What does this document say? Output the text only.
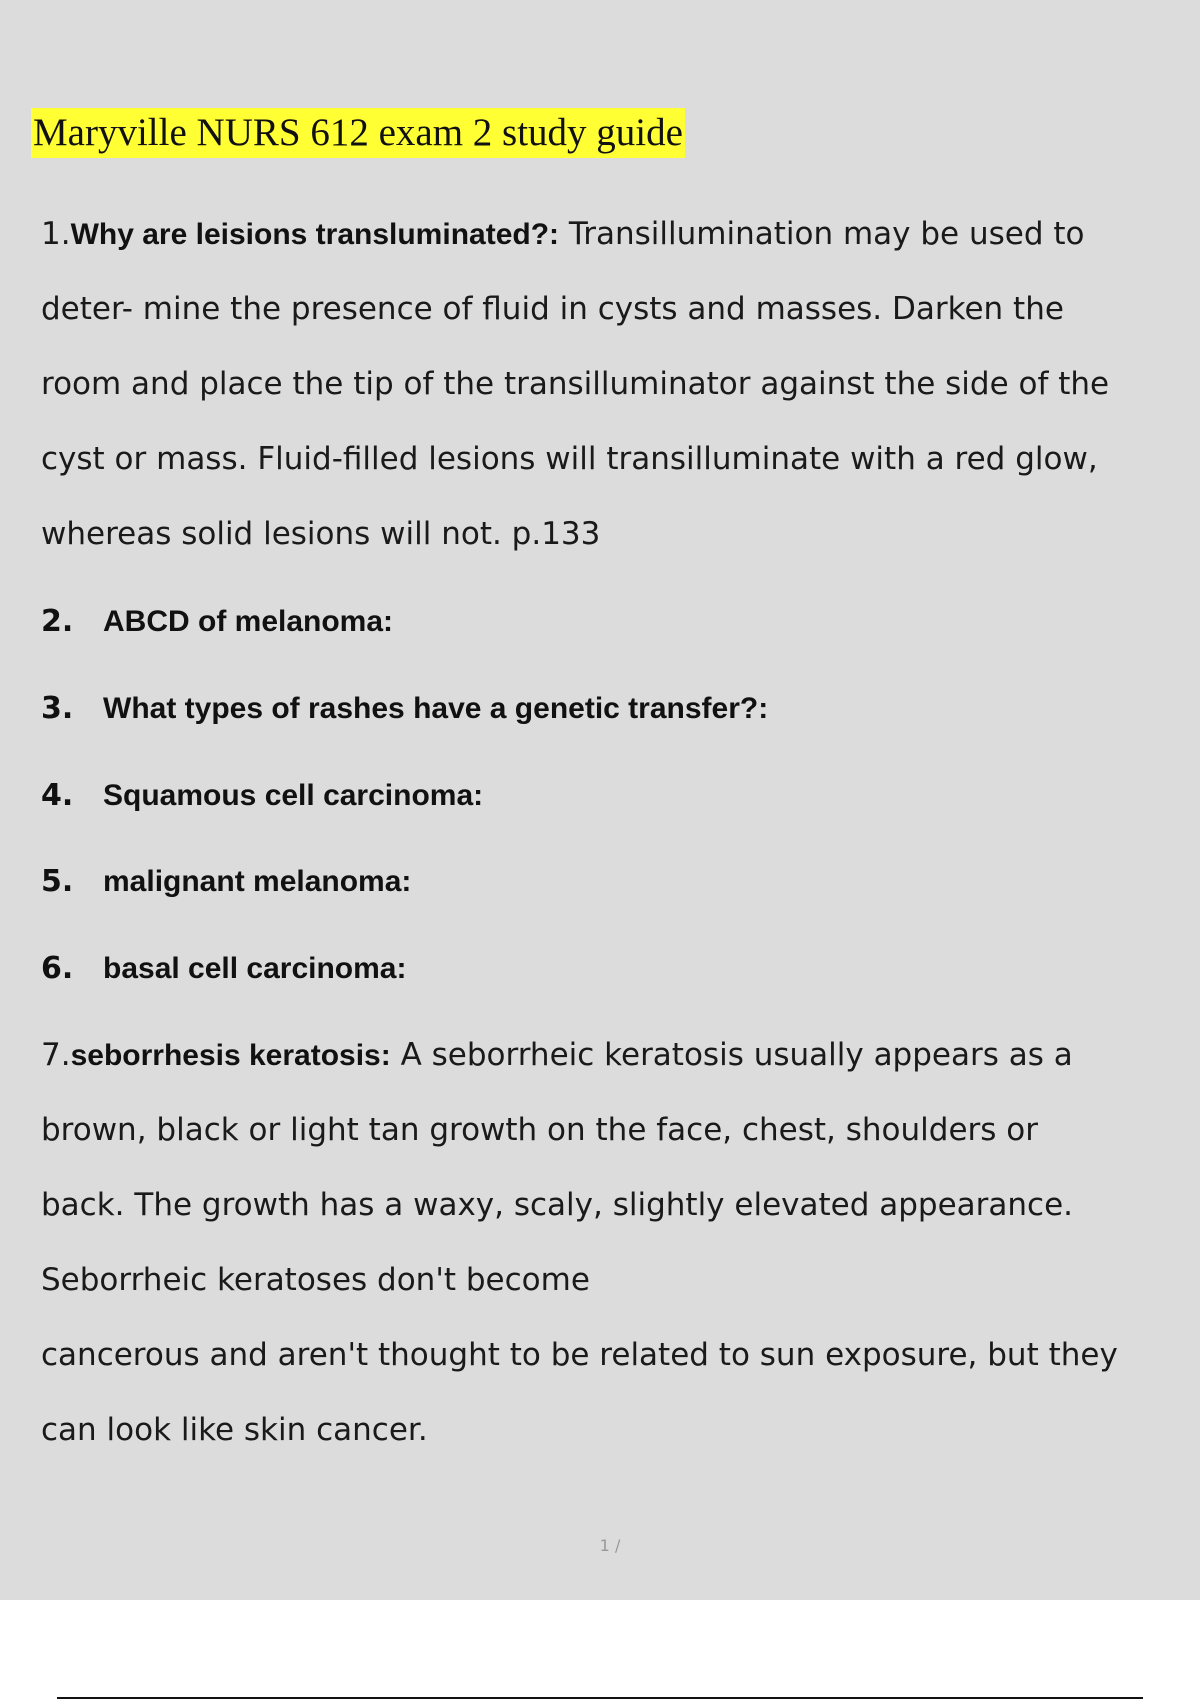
Maryville NURS 612 exam 2 study guide
1.Why are leisions transluminated?: Transillumination may be used to
deter- mine the presence of fluid in cysts and masses. Darken the
room and place the tip of the transilluminator against the side of the
cyst or mass. Fluid-filled lesions will transilluminate with a red glow,
whereas solid lesions will not. p.133
2. ABCD of melanoma:
3. What types of rashes have a genetic transfer?:
4. Squamous cell carcinoma:
5. malignant melanoma:
6. basal cell carcinoma:
7.seborrhesis keratosis: A seborrheic keratosis usually appears as a
brown, black or light tan growth on the face, chest, shoulders or
back. The growth has a waxy, scaly, slightly elevated appearance.
Seborrheic keratoses don't become
cancerous and aren't thought to be related to sun exposure, but they
can look like skin cancer.
1 /
